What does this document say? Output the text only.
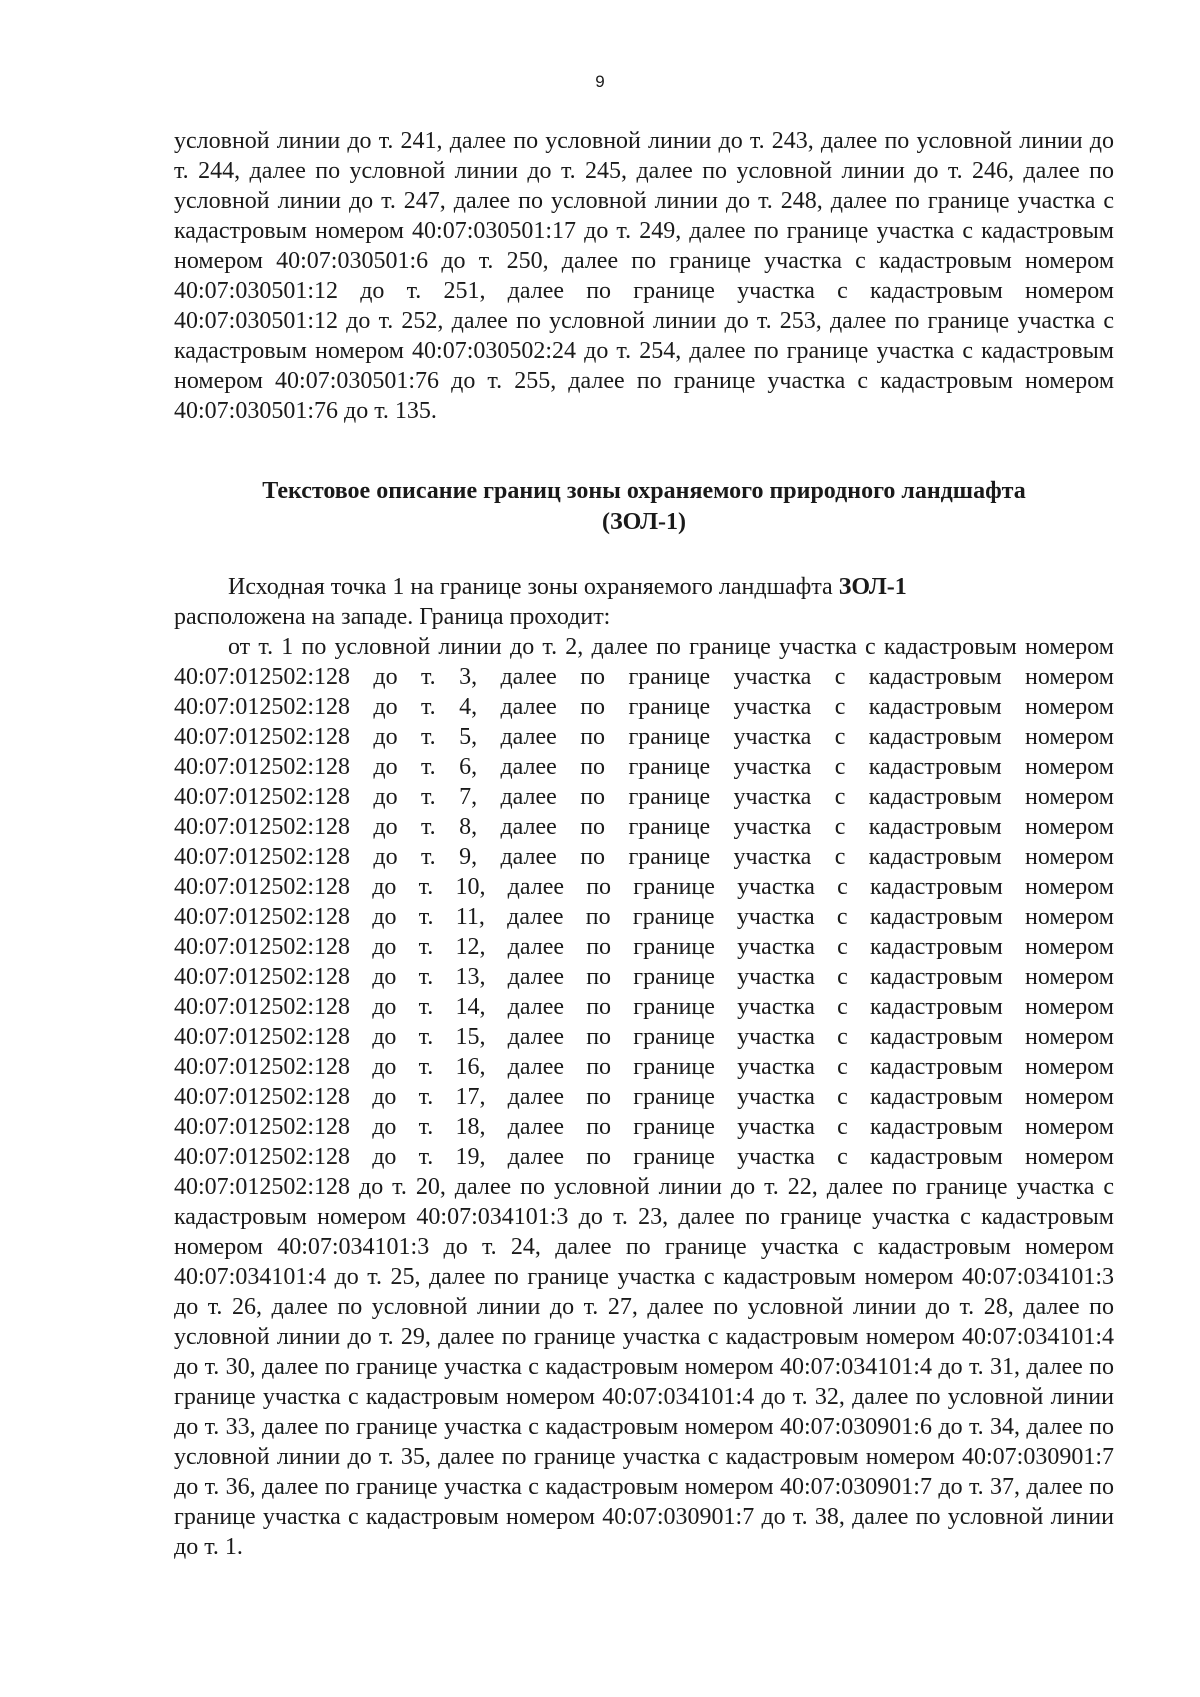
9

условной линии до т. 241, далее по условной линии до т. 243, далее по условной линии до т. 244, далее по условной линии до т. 245, далее по условной линии до т. 246, далее по условной линии до т. 247, далее по условной линии до т. 248, далее по границе участка с кадастровым номером 40:07:030501:17 до т. 249, далее по границе участка с кадастровым номером 40:07:030501:6 до т. 250, далее по границе участка с кадастровым номером 40:07:030501:12 до т. 251, далее по границе участка с кадастровым номером 40:07:030501:12 до т. 252, далее по условной линии до т. 253, далее по границе участка с кадастровым номером 40:07:030502:24 до т. 254, далее по границе участка с кадастровым номером 40:07:030501:76 до т. 255, далее по границе участка с кадастровым номером 40:07:030501:76 до т. 135.

Текстовое описание границ зоны охраняемого природного ландшафта
(ЗОЛ-1)

Исходная точка 1 на границе зоны охраняемого ландшафта ЗОЛ-1

расположена на западе. Граница проходит:

от т. 1 по условной линии до т. 2, далее по границе участка с кадастровым номером 40:07:012502:128 до т. 3, далее по границе участка с кадастровым номером 40:07:012502:128 до т. 4, далее по границе участка с кадастровым номером 40:07:012502:128 до т. 5, далее по границе участка с кадастровым номером 40:07:012502:128 до т. 6, далее по границе участка с кадастровым номером 40:07:012502:128 до т. 7, далее по границе участка с кадастровым номером 40:07:012502:128 до т. 8, далее по границе участка с кадастровым номером 40:07:012502:128 до т. 9, далее по границе участка с кадастровым номером 40:07:012502:128 до т. 10, далее по границе участка с кадастровым номером 40:07:012502:128 до т. 11, далее по границе участка с кадастровым номером 40:07:012502:128 до т. 12, далее по границе участка с кадастровым номером 40:07:012502:128 до т. 13, далее по границе участка с кадастровым номером 40:07:012502:128 до т. 14, далее по границе участка с кадастровым номером 40:07:012502:128 до т. 15, далее по границе участка с кадастровым номером 40:07:012502:128 до т. 16, далее по границе участка с кадастровым номером 40:07:012502:128 до т. 17, далее по границе участка с кадастровым номером 40:07:012502:128 до т. 18, далее по границе участка с кадастровым номером 40:07:012502:128 до т. 19, далее по границе участка с кадастровым номером 40:07:012502:128 до т. 20, далее по условной линии до т. 22, далее по границе участка с кадастровым номером 40:07:034101:3 до т. 23, далее по границе участка с кадастровым номером 40:07:034101:3 до т. 24, далее по границе участка с кадастровым номером 40:07:034101:4 до т. 25, далее по границе участка с кадастровым номером 40:07:034101:3 до т. 26, далее по условной линии до т. 27, далее по условной линии до т. 28, далее по условной линии до т. 29, далее по границе участка с кадастровым номером 40:07:034101:4 до т. 30, далее по границе участка с кадастровым номером 40:07:034101:4 до т. 31, далее по границе участка с кадастровым номером 40:07:034101:4 до т. 32, далее по условной линии до т. 33, далее по границе участка с кадастровым номером 40:07:030901:6 до т. 34, далее по условной линии до т. 35, далее по границе участка с кадастровым номером 40:07:030901:7 до т. 36, далее по границе участка с кадастровым номером 40:07:030901:7 до т. 37, далее по границе участка с кадастровым номером 40:07:030901:7 до т. 38, далее по условной линии до т. 1.
